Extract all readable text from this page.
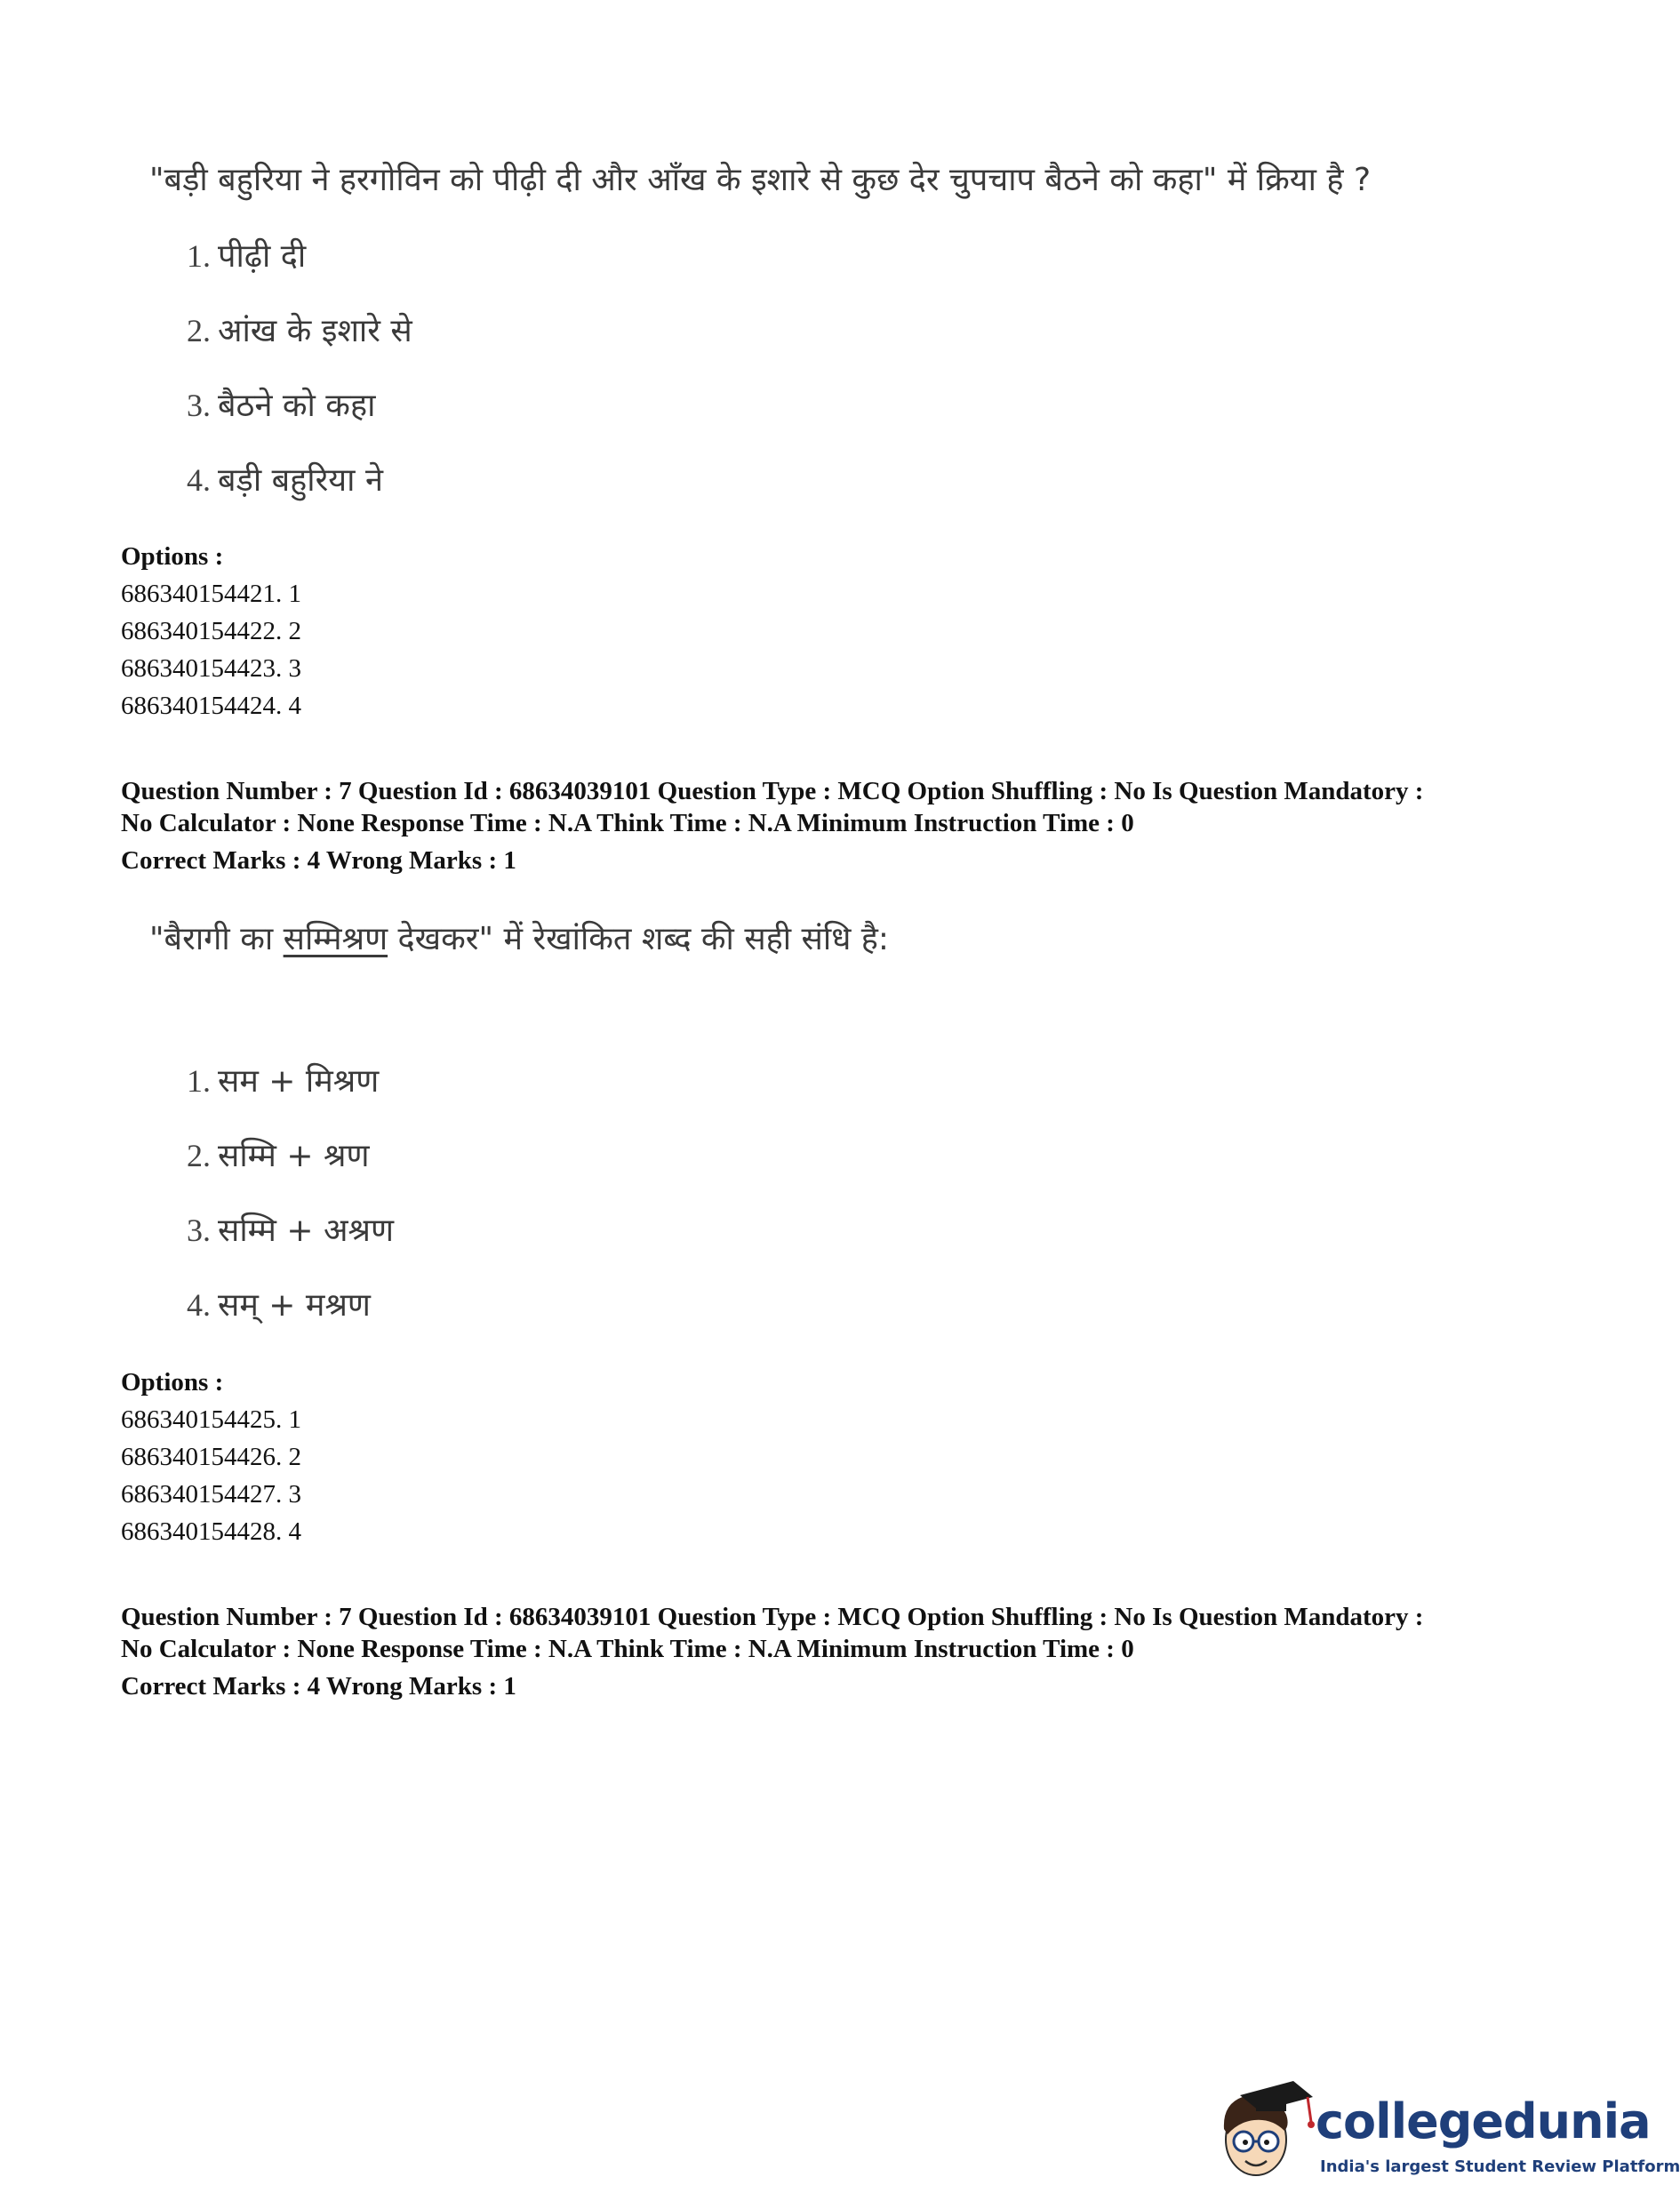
"बड़ी बहुरिया ने हरगोविन को पीढ़ी दी और आँख के इशारे से कुछ देर चुपचाप बैठने को कहा" में क्रिया है ?
1. पीढ़ी दी
2. आंख के इशारे से
3. बैठने को कहा
4. बड़ी बहुरिया ने
Options :
686340154421. 1
686340154422. 2
686340154423. 3
686340154424. 4
Question Number : 7 Question Id : 68634039101 Question Type : MCQ Option Shuffling : No Is Question Mandatory :
No Calculator : None Response Time : N.A Think Time : N.A Minimum Instruction Time : 0
Correct Marks : 4 Wrong Marks : 1
"बैरागी का सम्मिश्रण देखकर" में रेखांकित शब्द की सही संधि है:
1. सम + मिश्रण
2. सम्मि + श्रण
3. सम्मि + अश्रण
4. सम् + मश्रण
Options :
686340154425. 1
686340154426. 2
686340154427. 3
686340154428. 4
Question Number : 7 Question Id : 68634039101 Question Type : MCQ Option Shuffling : No Is Question Mandatory :
No Calculator : None Response Time : N.A Think Time : N.A Minimum Instruction Time : 0
Correct Marks : 4 Wrong Marks : 1
collegedunia
India's largest Student Review Platform
